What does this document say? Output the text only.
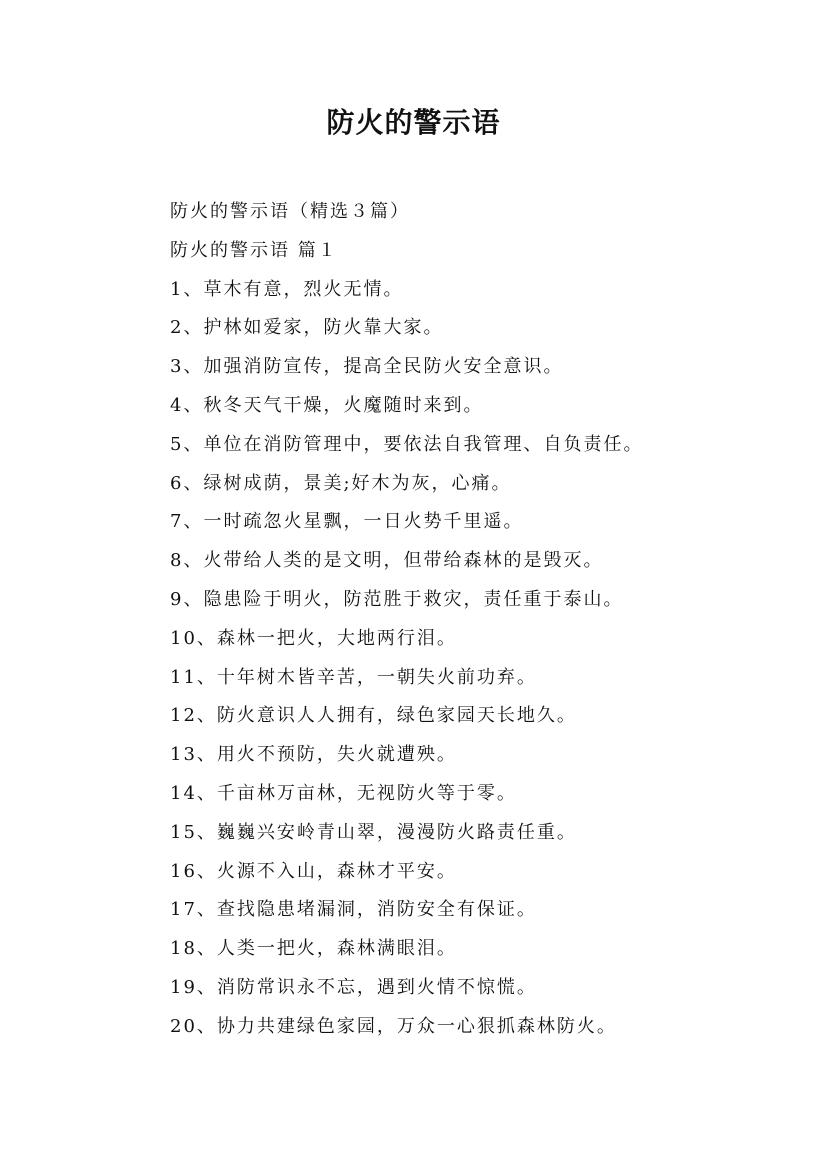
防火的警示语
防火的警示语（精选３篇）
防火的警示语 篇１
1、草木有意，烈火无情。
2、护林如爱家，防火靠大家。
3、加强消防宣传，提高全民防火安全意识。
4、秋冬天气干燥，火魔随时来到。
5、单位在消防管理中，要依法自我管理、自负责任。
6、绿树成荫，景美;好木为灰，心痛。
7、一时疏忽火星飘，一日火势千里遥。
8、火带给人类的是文明，但带给森林的是毁灭。
9、隐患险于明火，防范胜于救灾，责任重于泰山。
10、森林一把火，大地两行泪。
11、十年树木皆辛苦，一朝失火前功弃。
12、防火意识人人拥有，绿色家园天长地久。
13、用火不预防，失火就遭殃。
14、千亩林万亩林，无视防火等于零。
15、巍巍兴安岭青山翠，漫漫防火路责任重。
16、火源不入山，森林才平安。
17、查找隐患堵漏洞，消防安全有保证。
18、人类一把火，森林满眼泪。
19、消防常识永不忘，遇到火情不惊慌。
20、协力共建绿色家园，万众一心狠抓森林防火。
